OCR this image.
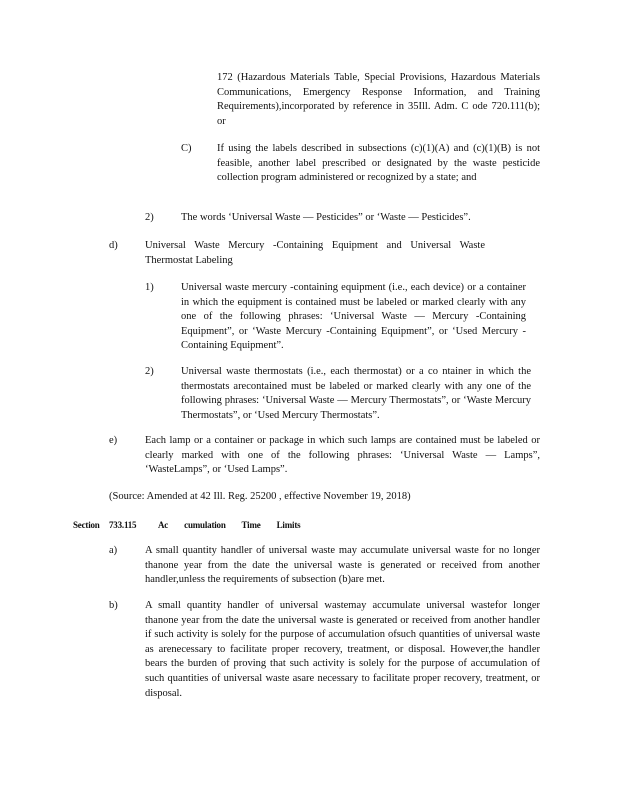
172 (Hazardous Materials Table, Special Provisions, Hazardous Materials Communications, Emergency Response Information, and Training Requirements),incorporated by reference in 35Ill. Adm. C ode 720.111(b); or
C) If using the labels described in subsections (c)(1)(A) and (c)(1)(B) is not feasible, another label prescribed or designated by the waste pesticide collection program administered or recognized by a state; and
2)	The words ‘Universal Waste — Pesticides” or ‘Waste — Pesticides”.
d)	Universal Waste Mercury -Containing Equipment and Universal Waste Thermostat Labeling
1)	Universal waste mercury -containing equipment (i.e., each device) or a container in which the equipment is contained must be labeled or marked clearly with any one of the following phrases: ‘Universal Waste — Mercury -Containing Equipment”, or ‘Waste Mercury -Containing Equipment”, or ‘Used Mercury -Containing Equipment”.
2)	Universal waste thermostats (i.e., each thermostat) or a co ntainer in which the thermostats arecontained must be labeled or marked clearly with any one of the following phrases: ‘Universal Waste — Mercury Thermostats”, or ‘Waste Mercury Thermostats”, or ‘Used Mercury Thermostats”.
e)	Each lamp or a container or package in which such lamps are contained must be labeled or clearly marked with one of the following phrases: ‘Universal Waste — Lamps”, ‘WasteLamps”, or ‘Used Lamps”.
(Source: Amended at 42 Ill. Reg. 25200 , effective November 19, 2018)
Section 733.115 Ac cumulation Time Limits
a)	A small quantity handler of universal waste may accumulate universal waste for no longer thanone year from the date the universal waste is generated or received from another handler,unless the requirements of subsection (b)are met.
b)	A small quantity handler of universal wastemay accumulate universal wastefor longer thanone year from the date the universal waste is generated or received from another handler if such activity is solely for the purpose of accumulation ofsuch quantities of universal waste as arenecessary to facilitate proper recovery, treatment, or disposal. However,the handler bears the burden of proving that such activity is solely for the purpose of accumulation of such quantities of universal waste asare necessary to facilitate proper recovery, treatment, or disposal.
